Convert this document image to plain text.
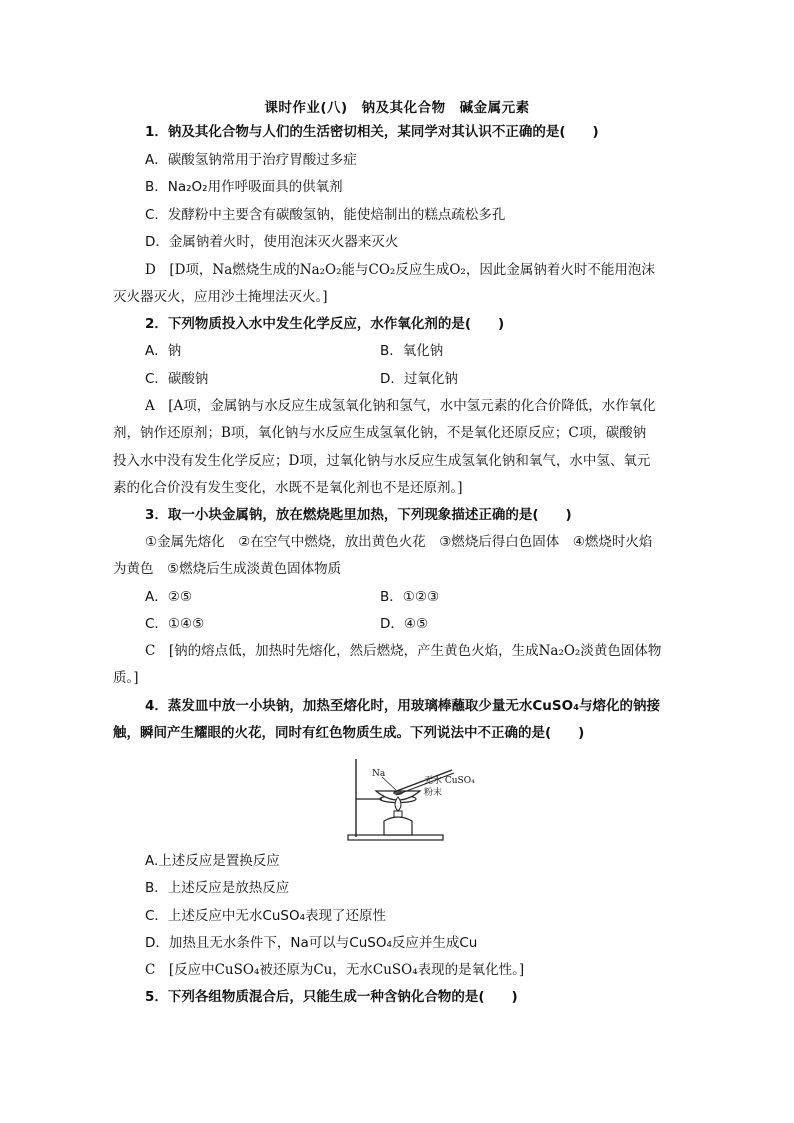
课时作业(八)　钠及其化合物　碱金属元素
1．钠及其化合物与人们的生活密切相关，某同学对其认识不正确的是(　　)
A．碳酸氢钠常用于治疗胃酸过多症
B．Na₂O₂用作呼吸面具的供氧剂
C．发酵粉中主要含有碳酸氢钠，能使焙制出的糕点疏松多孔
D．金属钠着火时，使用泡沫灭火器来灭火
D　[D项，Na燃烧生成的Na₂O₂能与CO₂反应生成O₂，因此金属钠着火时不能用泡沫
灭火器灭火，应用沙土掩埋法灭火。]
2．下列物质投入水中发生化学反应，水作氧化剂的是(　　)
A．钠	B．氧化钠
C．碳酸钠	D．过氧化钠
A　[A项，金属钠与水反应生成氢氧化钠和氢气，水中氢元素的化合价降低，水作氧化
剂，钠作还原剂；B项，氧化钠与水反应生成氢氧化钠，不是氧化还原反应；C项，碳酸钠
投入水中没有发生化学反应；D项，过氧化钠与水反应生成氢氧化钠和氧气，水中氢、氧元
素的化合价没有发生变化，水既不是氧化剂也不是还原剂。]
3．取一小块金属钠，放在燃烧匙里加热，下列现象描述正确的是(　　)
①金属先熔化　②在空气中燃烧，放出黄色火花　③燃烧后得白色固体　④燃烧时火焰
为黄色　⑤燃烧后生成淡黄色固体物质
A．②⑤	B．①②③
C．①④⑤	D．④⑤
C　[钠的熔点低，加热时先熔化，然后燃烧，产生黄色火焰，生成Na₂O₂淡黄色固体物
质。]
4．蒸发皿中放一小块钠，加热至熔化时，用玻璃棒蘸取少量无水CuSO₄与熔化的钠接
触，瞬间产生耀眼的火花，同时有红色物质生成。下列说法中不正确的是(　　)
Na
无水 CuSO₄
粉末
A.上述反应是置换反应
B．上述反应是放热反应
C．上述反应中无水CuSO₄表现了还原性
D．加热且无水条件下，Na可以与CuSO₄反应并生成Cu
C　[反应中CuSO₄被还原为Cu，无水CuSO₄表现的是氧化性。]
5．下列各组物质混合后，只能生成一种含钠化合物的是(　　)
